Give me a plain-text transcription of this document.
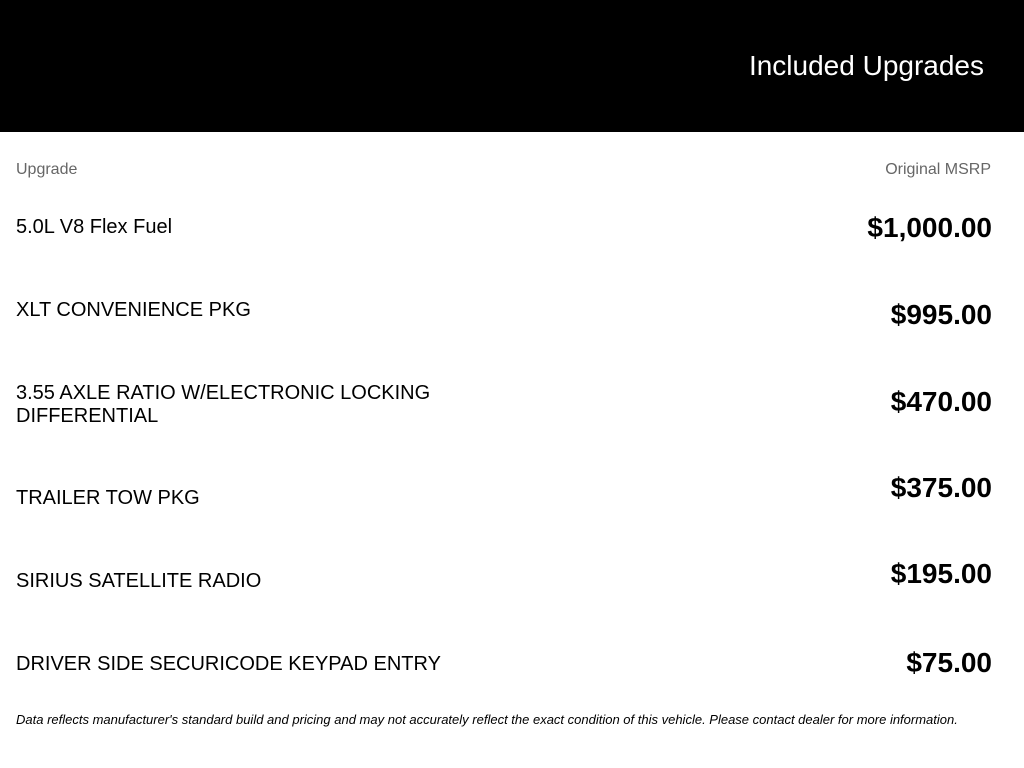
Included Upgrades
Upgrade	Original MSRP
5.0L V8 Flex Fuel	$1,000.00
XLT CONVENIENCE PKG	$995.00
3.55 AXLE RATIO W/ELECTRONIC LOCKING DIFFERENTIAL	$470.00
TRAILER TOW PKG	$375.00
SIRIUS SATELLITE RADIO	$195.00
DRIVER SIDE SECURICODE KEYPAD ENTRY	$75.00
Data reflects manufacturer's standard build and pricing and may not accurately reflect the exact condition of this vehicle. Please contact dealer for more information.
